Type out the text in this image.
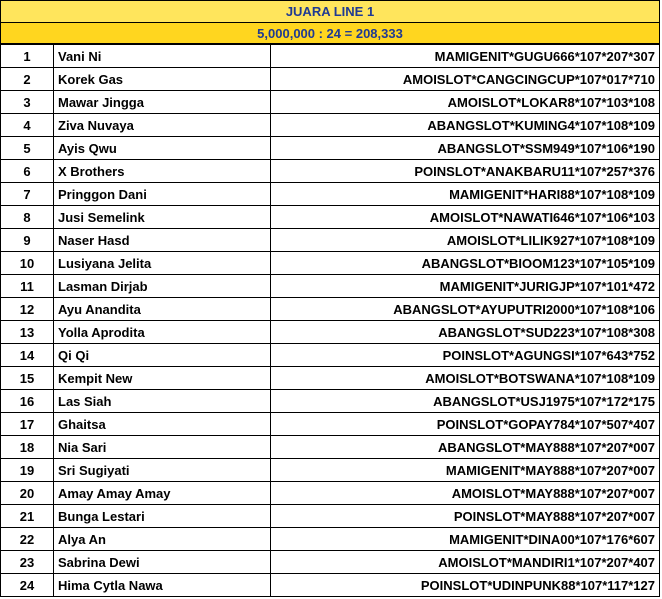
JUARA LINE 1
5,000,000 : 24 = 208,333
1	Vani Ni	MAMIGENIT*GUGU666*107*207*307
2	Korek Gas	AMOISLOT*CANGCINGCUP*107*017*710
3	Mawar Jingga	AMOISLOT*LOKAR8*107*103*108
4	Ziva Nuvaya	ABANGSLOT*KUMING4*107*108*109
5	Ayis Qwu	ABANGSLOT*SSM949*107*106*190
6	X Brothers	POINSLOT*ANAKBARU11*107*257*376
7	Pringgon Dani	MAMIGENIT*HARI88*107*108*109
8	Jusi Semelink	AMOISLOT*NAWATI646*107*106*103
9	Naser Hasd	AMOISLOT*LILIK927*107*108*109
10	Lusiyana Jelita	ABANGSLOT*BIOOM123*107*105*109
11	Lasman Dirjab	MAMIGENIT*JURIGJP*107*101*472
12	Ayu Anandita	ABANGSLOT*AYUPUTRI2000*107*108*106
13	Yolla Aprodita	ABANGSLOT*SUD223*107*108*308
14	Qi Qi	POINSLOT*AGUNGSI*107*643*752
15	Kempit New	AMOISLOT*BOTSWANA*107*108*109
16	Las Siah	ABANGSLOT*USJ1975*107*172*175
17	Ghaitsa	POINSLOT*GOPAY784*107*507*407
18	Nia Sari	ABANGSLOT*MAY888*107*207*007
19	Sri Sugiyati	MAMIGENIT*MAY888*107*207*007
20	Amay Amay Amay	AMOISLOT*MAY888*107*207*007
21	Bunga Lestari	POINSLOT*MAY888*107*207*007
22	Alya An	MAMIGENIT*DINA00*107*176*607
23	Sabrina Dewi	AMOISLOT*MANDIRI1*107*207*407
24	Hima Cytla Nawa	POINSLOT*UDINPUNK88*107*117*127
